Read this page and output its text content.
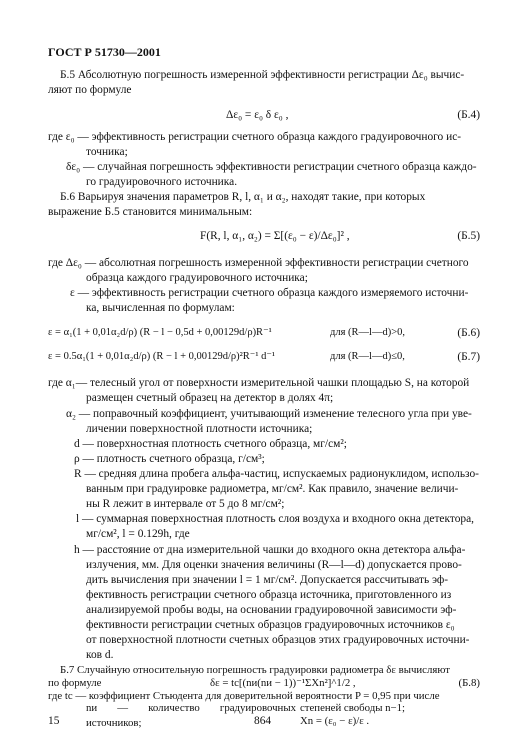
ГОСТ Р 51730—2001
Б.5 Абсолютную погрешность измеренной эффективности регистрации Δε₀ вычис-
ляют по формуле
Δε₀ = ε₀ δ ε₀ ,	(Б.4)
где ε₀ — эффективность регистрации счетного образца каждого градуировочного ис-
точника;
δε₀ — случайная погрешность эффективности регистрации счетного образца каждо-
го градуировочного источника.
Б.6 Варьируя значения параметров R, l, α₁ и α₂, находят такие, при которых
выражение Б.5 становится минимальным:
F(R, l, α₁, α₂) = Σ[(ε₀ − ε)/Δε₀]² ,	(Б.5)
где Δε₀ — абсолютная погрешность измеренной эффективности регистрации счетного
образца каждого градуировочного источника;
ε — эффективность регистрации счетного образца каждого измеряемого источни-
ка, вычисленная по формулам:
ε = α₁(1 + 0,01α₂d/ρ) (R − l − 0,5d + 0,00129d/ρ)R⁻¹	для (R—l—d)>0,	(Б.6)
ε = 0.5α₁(1 + 0,01α₂d/ρ) (R − l + 0,00129d/ρ)²R⁻¹ d⁻¹	для (R—l—d)≤0,	(Б.7)
где α₁— телесный угол от поверхности измерительной чашки площадью S, на которой
размещен счетный образец на детектор в долях 4π;
α₂ — поправочный коэффициент, учитывающий изменение телесного угла при уве-
личении поверхностной плотности источника;
d — поверхностная плотность счетного образца, мг/см²;
ρ — плотность счетного образца, г/см³;
R — средняя длина пробега альфа-частиц, испускаемых радионуклидом, использо-
ванным при градуировке радиометра, мг/см². Как правило, значение величи-
ны R лежит в интервале от 5 до 8 мг/см²;
l — суммарная поверхностная плотность слоя воздуха и входного окна детектора,
мг/см², l = 0.129h, где
h — расстояние от дна измерительной чашки до входного окна детектора альфа-
излучения, мм. Для оценки значения величины (R—l—d) допускается прово-
дить вычисления при значении l = 1 мг/см². Допускается рассчитывать эф-
фективность регистрации счетного образца источника, приготовленного из
анализируемой пробы воды, на основании градуировочной зависимости эф-
фективности регистрации счетных образцов градуировочных источников ε₀
от поверхностной плотности счетных образцов этих градуировочных источни-
ков d.
15	864
Б.7 Случайную относительную погрешность градуировки радиометра δε вычисляют
по формуле	δε = tc[(nи(nи − 1))⁻¹ΣXn²]^1/2 ,	(Б.8)
где tc — коэффициент Стьюдента для доверительной вероятности P = 0,95 при числе
степеней свободы n−1;
nи — количество градуировочных источников;	Xn = (ε₀ − ε)/ε .
